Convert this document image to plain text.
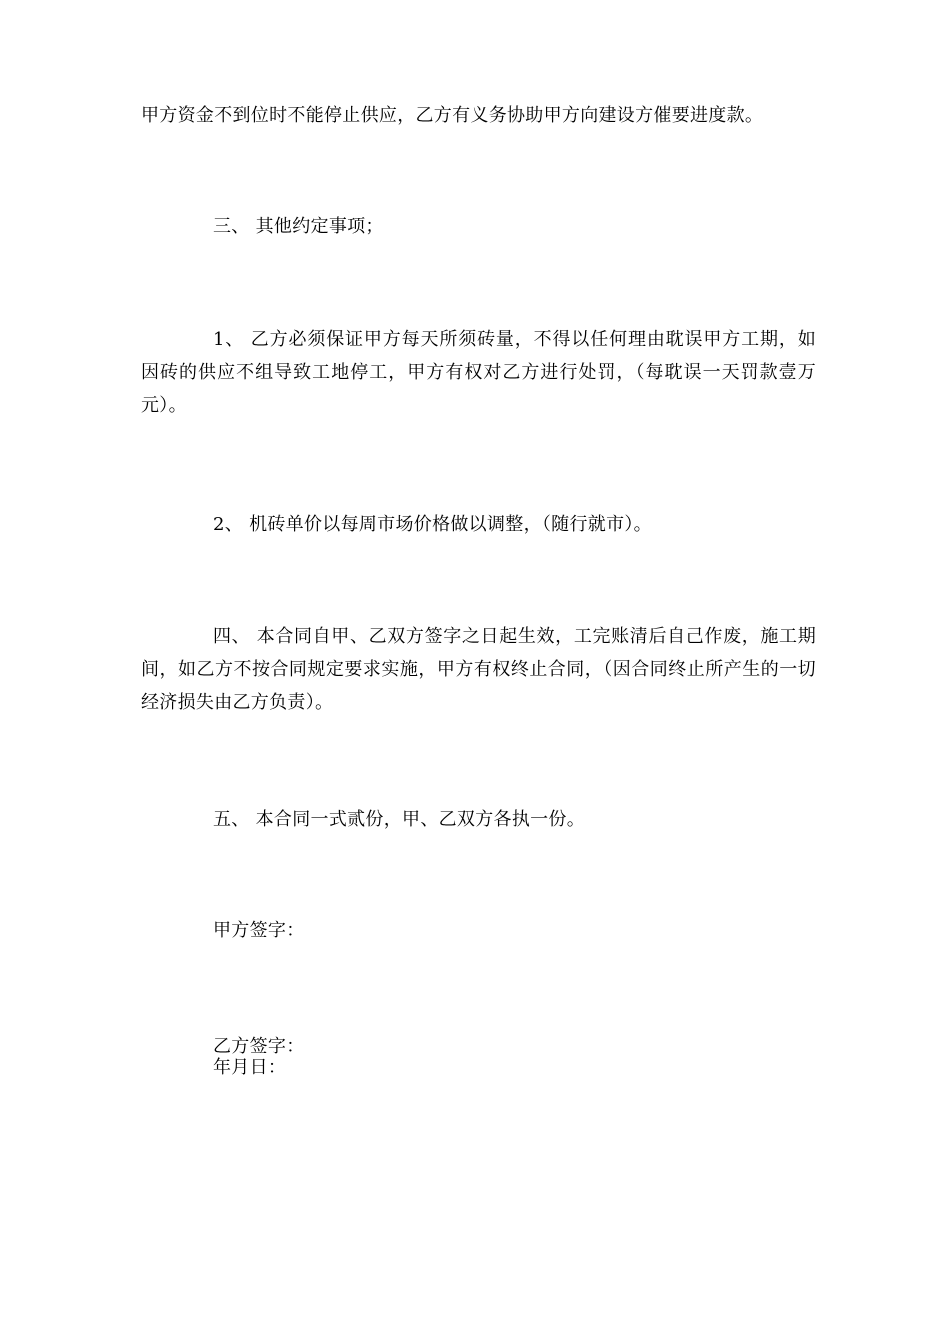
甲方资金不到位时不能停止供应，乙方有义务协助甲方向建设方催要进度款。

三、 其他约定事项；

1、 乙方必须保证甲方每天所须砖量，不得以任何理由耽误甲方工期，如因砖的供应不组导致工地停工，甲方有权对乙方进行处罚，（每耽误一天罚款壹万元）。

2、 机砖单价以每周市场价格做以调整，（随行就市）。

四、 本合同自甲、乙双方签字之日起生效，工完账清后自己作废，施工期间，如乙方不按合同规定要求实施，甲方有权终止合同，（因合同终止所产生的一切经济损失由乙方负责）。

五、 本合同一式贰份，甲、乙双方各执一份。

甲方签字：

乙方签字：

年月日：
